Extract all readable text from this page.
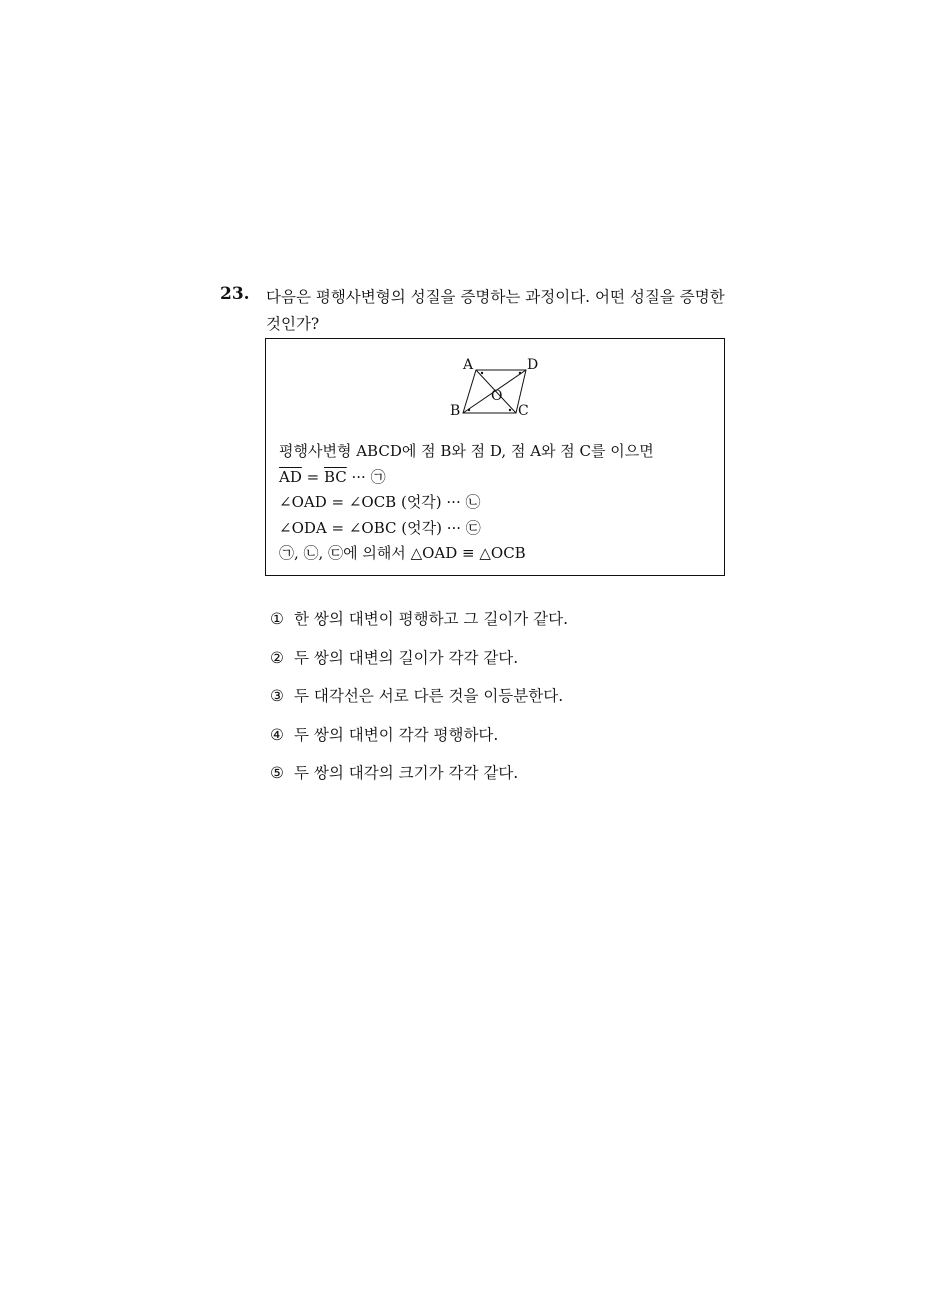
23. 다음은 평행사변형의 성질을 증명하는 과정이다. 어떤 성질을 증명한 것인가?
A	D
O
B	C
평행사변형 ABCD에 점 B와 점 D, 점 A와 점 C를 이으면
$\overline{AD} = \overline{BC}$ ··· ㉠
∠OAD = ∠OCB (엇각) ··· ㉡
∠ODA = ∠OBC (엇각) ··· ㉢
㉠, ㉡, ㉢에 의해서 △OAD ≡ △OCB
① 한 쌍의 대변이 평행하고 그 길이가 같다.
② 두 쌍의 대변의 길이가 각각 같다.
③ 두 대각선은 서로 다른 것을 이등분한다.
④ 두 쌍의 대변이 각각 평행하다.
⑤ 두 쌍의 대각의 크기가 각각 같다.
